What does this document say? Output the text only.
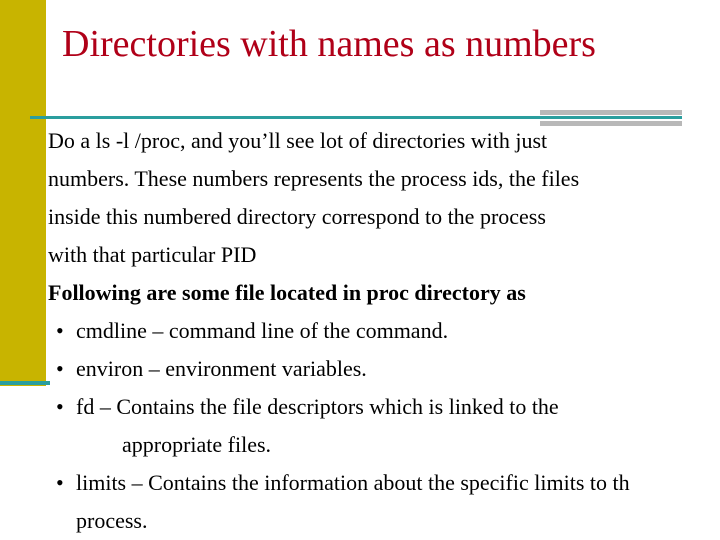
Directories with names as numbers
Do a ls -l /proc, and you’ll see lot of directories with just
numbers. These numbers represents the process ids, the files
inside this numbered directory correspond to the process
with that particular PID
Following are some file located in proc directory as
• cmdline – command line of the command.
• environ – environment variables.
• fd – Contains the file descriptors which is linked to the
appropriate files.
• limits – Contains the information about the specific limits to th
process.
